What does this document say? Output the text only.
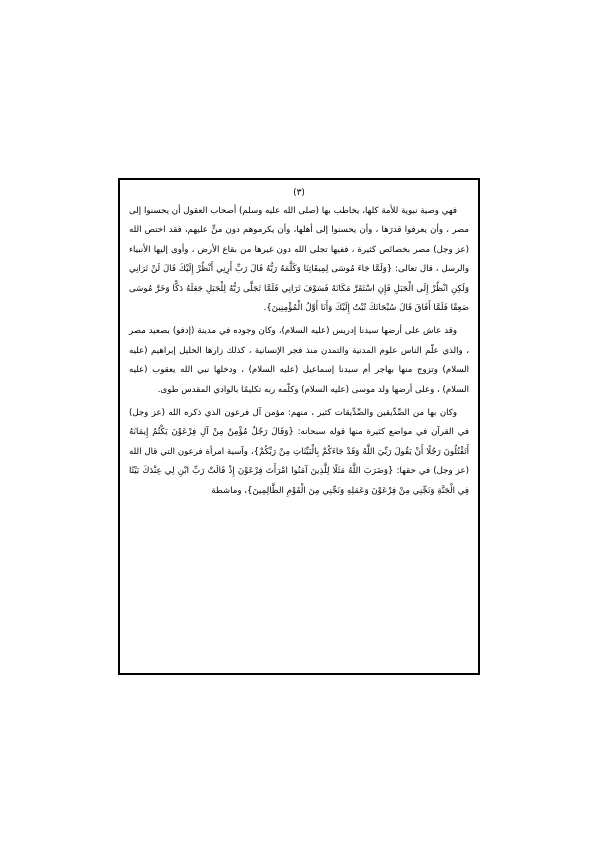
(٣)

فهي وصية نبوية للأمة كلها، يخاطب بها (صلى الله عليه وسلم) أصحاب العقول أن يحسنوا إلى مصر ، وأن يعرفوا قدرَها ، وأن يحسنوا إلى أهلها، وأن يكرموهم دون منٍّ عليهم، فقد اختص الله (عز وجل) مصر بخصائص كثيرة ، ففيها تجلى الله دون غيرها من بقاع الأرض ، وأوى إليها الأنبياء والرسل ، قال تعالى: {وَلَمَّا جَاءَ مُوسَى لِمِيقَاتِنَا وَكَلَّمَهُ رَبُّهُ قَالَ رَبِّ أَرِنِي أَنْظُرْ إِلَيْكَ قَالَ لَنْ تَرَانِي وَلَكِنِ انْظُرْ إِلَى الْجَبَلِ فَإِنِ اسْتَقَرَّ مَكَانَهُ فَسَوْفَ تَرَانِي فَلَمَّا تَجَلَّى رَبُّهُ لِلْجَبَلِ جَعَلَهُ دَكًّا وَخَرَّ مُوسَى صَعِقًا فَلَمَّا أَفَاقَ قَالَ سُبْحَانَكَ تُبْتُ إِلَيْكَ وَأَنَا أَوَّلُ الْمُؤْمِنِينَ}.

وقد عاش على أرضها سيدنا إدريس (عليه السلام)، وكان وجوده في مدينة (إدفو) بصعيد مصر ، والذي علّم الناس علوم المدنية والتمدن منذ فجر الإنسانية ، كذلك زارها الخليل إبراهيم (عليه السلام) وتزوج منها بهاجر أم سيدنا إسماعيل (عليه السلام) ، ودخلها نبي الله يعقوب (عليه السلام) ، وعلى أرضها ولد موسى (عليه السلام) وكلّمه ربه تكليمًا بالوادي المقدس طوى.

وكان بها من الصِّدِّيقين والصِّدِّيقات كثير ، منهم: مؤمن آل فرعون الذي ذكره الله (عز وجل) في القرآن في مواضع كثيرة منها قوله سبحانه: {وَقَالَ رَجُلٌ مُؤْمِنٌ مِنْ آلِ فِرْعَوْنَ يَكْتُمُ إِيمَانَهُ أَتَقْتُلُونَ رَجُلًا أَنْ يَقُولَ رَبِّيَ اللَّهُ وَقَدْ جَاءَكُمْ بِالْبَيِّنَاتِ مِنْ رَبِّكُمْ}، وآسية امرأة فرعون التي قال الله (عز وجل) في حقها: {وَضَرَبَ اللَّهُ مَثَلًا لِلَّذِينَ آمَنُوا امْرَأَتَ فِرْعَوْنَ إِذْ قَالَتْ رَبِّ ابْنِ لِي عِنْدَكَ بَيْتًا فِي الْجَنَّةِ وَنَجِّنِي مِنْ فِرْعَوْنَ وَعَمَلِهِ وَنَجِّنِي مِنَ الْقَوْمِ الظَّالِمِينَ}، وماشطة
